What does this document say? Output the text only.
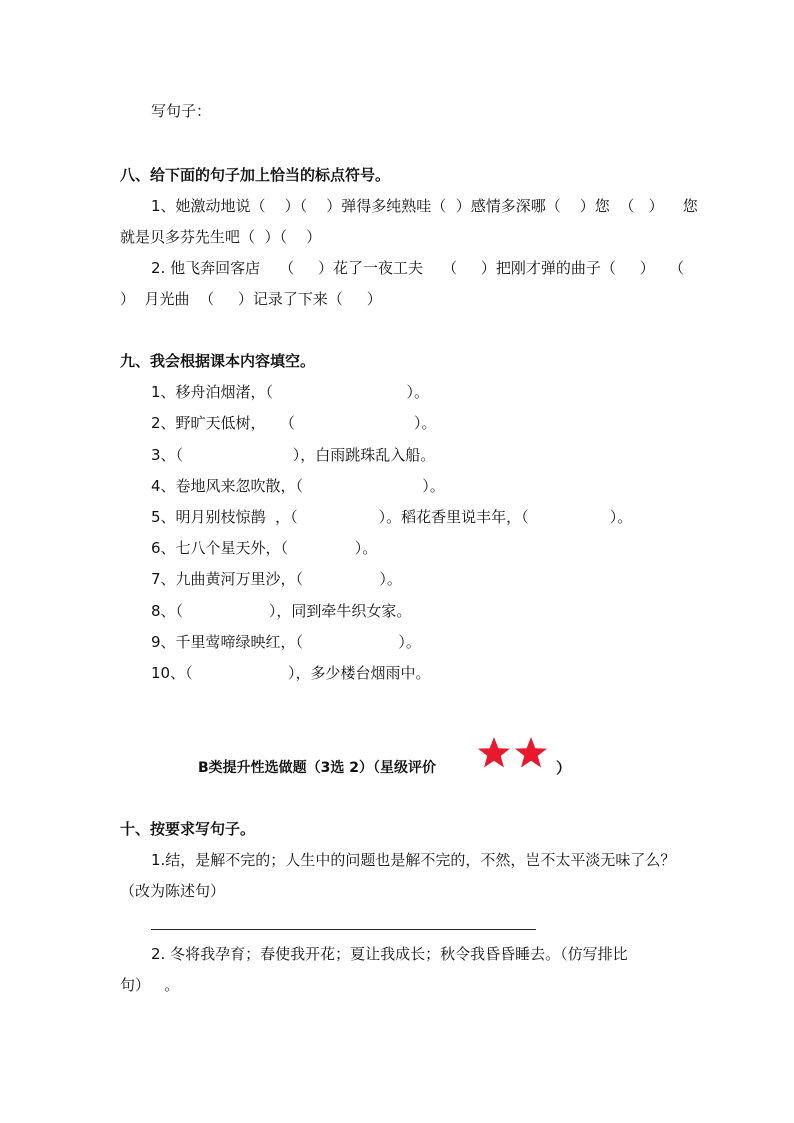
写句子：
八、给下面的句子加上恰当的标点符号。
1、她激动地说（    ）（    ）弹得多纯熟哇（  ）感情多深哪（    ）您  （   ）    您
就是贝多芬先生吧（  ）（    ）
2. 他飞奔回客店    （     ）花了一夜工夫    （     ）把刚才弹的曲子（     ）   （
）  月光曲  （     ）记录了下来（     ）
九、我会根据课本内容填空。
1、移舟泊烟渚，（                            ）。
2、野旷天低树，   （                         ）。
3、（                       ），白雨跳珠乱入船。
4、卷地风来忽吹散，（                         ）。
5、明月别枝惊鹊  ，（                 ）。稻花香里说丰年，（                 ）。
6、七八个星天外，（              ）。
7、九曲黄河万里沙，（                ）。
8、（                  ），同到牵牛织女家。
9、千里莺啼绿映红，（                    ）。
10、（                    ），多少楼台烟雨中。
B类提升性选做题（3选 2）（星级评价	）
十、按要求写句子。
1.结，是解不完的；人生中的问题也是解不完的，不然，岂不太平淡无味了么？
（改为陈述句）
2. 冬将我孕育；春使我开花；夏让我成长；秋令我昏昏睡去。（仿写排比
句）   。
